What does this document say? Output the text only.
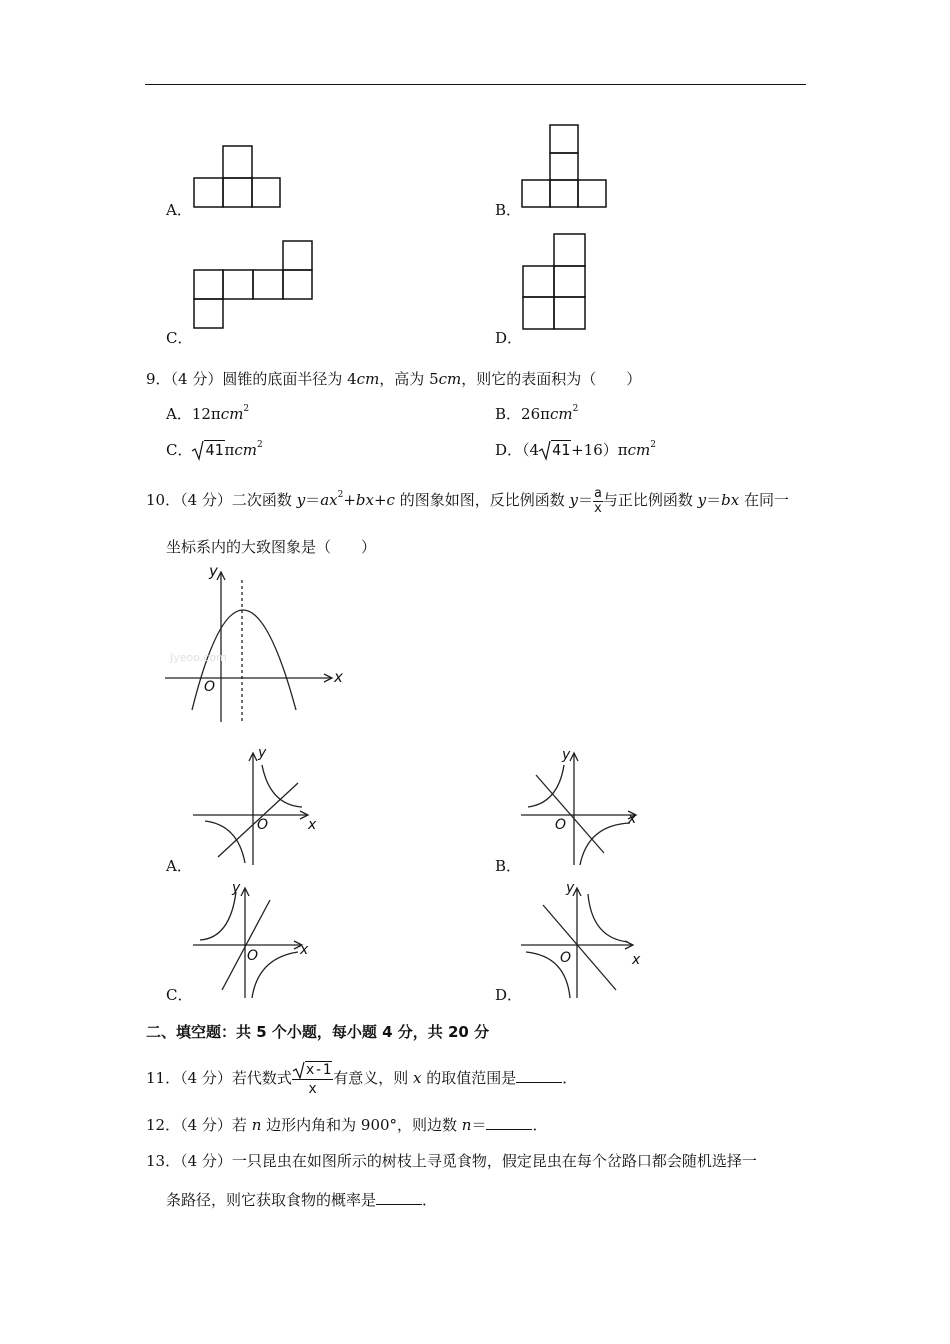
A．	B．
C．	D．
9．（4 分）圆锥的底面半径为 4cm，高为 5cm，则它的表面积为（　　）
A．12πcm$^2$	B．26πcm$^2$
C． 41πcm$^2$	D．（4 41+16）πcm$^2$
10．（4 分）二次函数 $y=ax^2+bx+c$ 的图象如图，反比例函数 $y= \frac{a}{x}$ 与正比例函数 y＝bx 在同一
坐标系内的大致图象是（　　）
Jyeoo.com
y
x
O
y
x
O
A．
y
x
O
B．
y
x
O
C．
y
x
O
D．
二、填空题：共 5 个小题，每小题 4 分，共 20 分
11．（4 分）若代数式 $\frac{x-1}{x}$ 有意义，则 x 的取值范围是	．
12．（4 分）若 n 边形内角和为 900°，则边数 n＝	．
13．（4 分）一只昆虫在如图所示的树枝上寻觅食物，假定昆虫在每个岔路口都会随机选择一
条路径，则它获取食物的概率是	．
